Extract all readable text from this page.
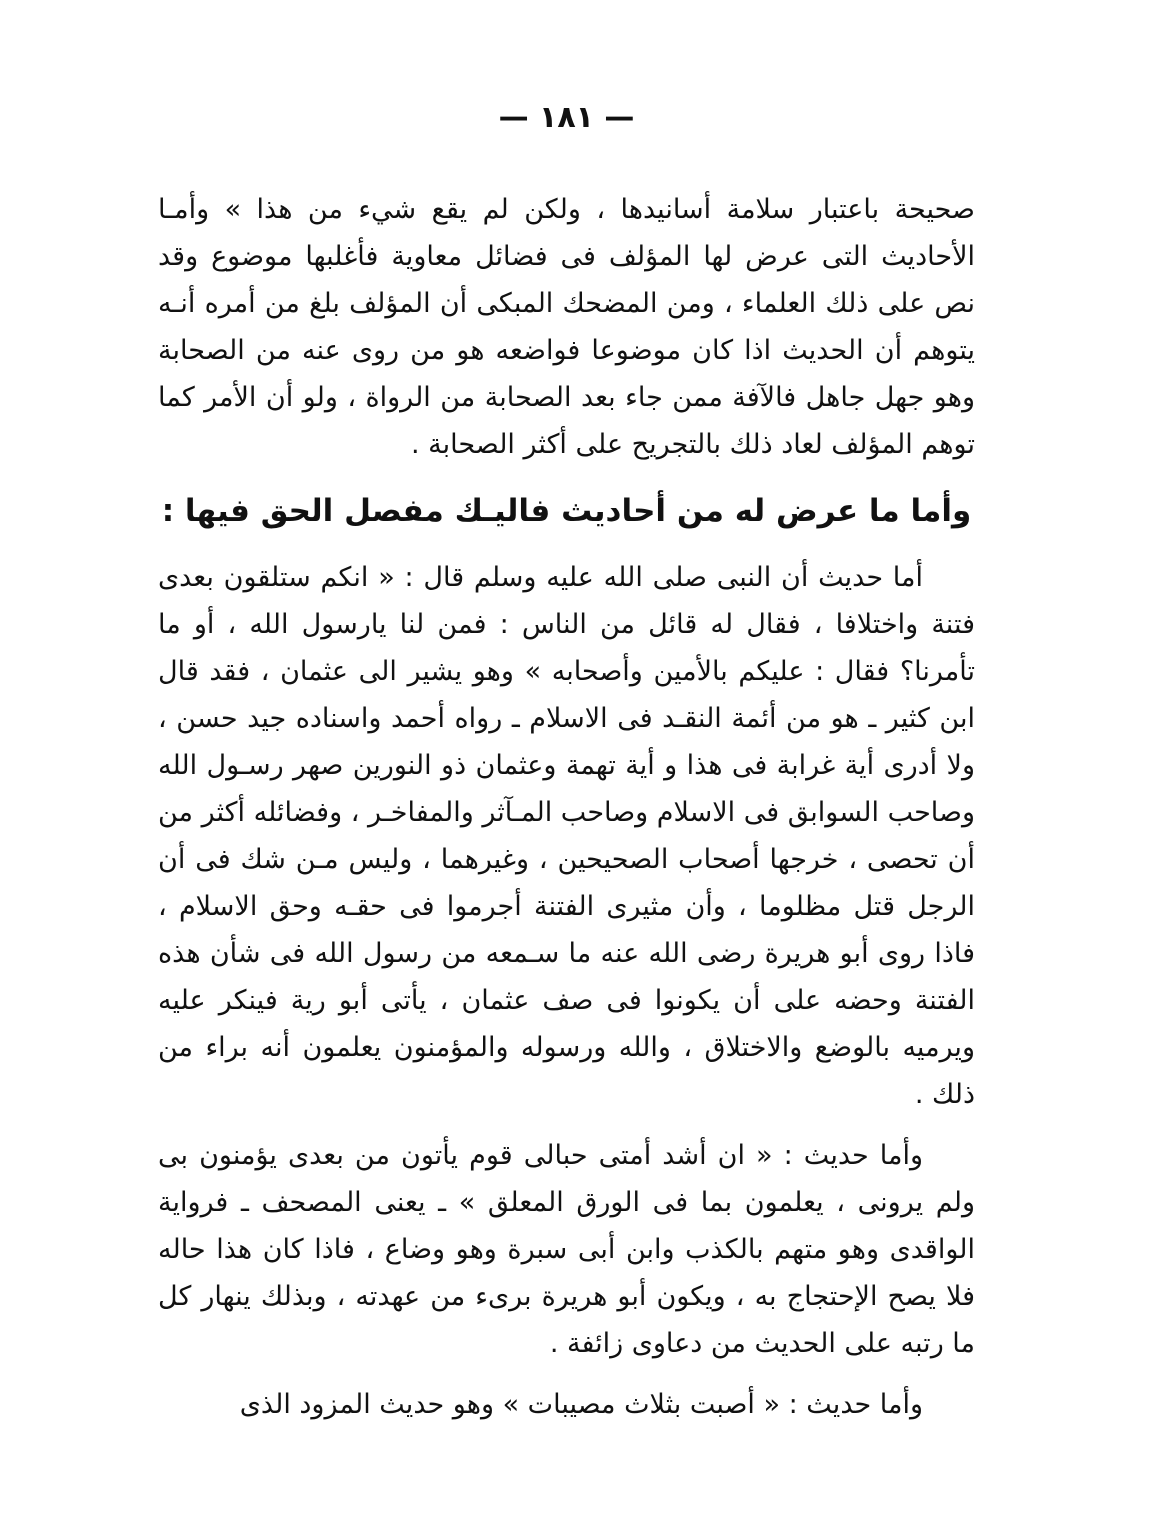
— ١٨١ —

صحيحة باعتبار سلامة أسانيدها ، ولكن لم يقع شيء من هذا » وأمـا الأحاديث التى عرض لها المؤلف فى فضائل معاوية فأغلبها موضوع وقد نص على ذلك العلماء ، ومن المضحك المبكى أن المؤلف بلغ من أمره أنـه يتوهم أن الحديث اذا كان موضوعا فواضعه هو من روى عنه من الصحابة وهو جهل جاهل فالآفة ممن جاء بعد الصحابة من الرواة ، ولو أن الأمر كما توهم المؤلف لعاد ذلك بالتجريح على أكثر الصحابة .

وأما ما عرض له من أحاديث فاليـك مفصل الحق فيها :

أما حديث أن النبى صلى الله عليه وسلم قال : « انكم ستلقون بعدى فتنة واختلافا ، فقال له قائل من الناس : فمن لنا يارسول الله ، أو ما تأمرنا؟ فقال : عليكم بالأمين وأصحابه » وهو يشير الى عثمان ، فقد قال ابن كثير ـ هو من أئمة النقـد فى الاسلام ـ رواه أحمد واسناده جيد حسن ، ولا أدرى أية غرابة فى هذا و أية تهمة وعثمان ذو النورين صهر رسـول الله وصاحب السوابق فى الاسلام وصاحب المـآثر والمفاخـر ، وفضائله أكثر من أن تحصى ، خرجها أصحاب الصحيحين ، وغيرهما ، وليس مـن شك فى أن الرجل قتل مظلوما ، وأن مثيرى الفتنة أجرموا فى حقـه وحق الاسلام ، فاذا روى أبو هريرة رضى الله عنه ما سـمعه من رسول الله فى شأن هذه الفتنة وحضه على أن يكونوا فى صف عثمان ، يأتى أبو رية فينكر عليه ويرميه بالوضع والاختلاق ، والله ورسوله والمؤمنون يعلمون أنه براء من ذلك .

وأما حديث : « ان أشد أمتى حبالى قوم يأتون من بعدى يؤمنون بى ولم يرونى ، يعلمون بما فى الورق المعلق » ـ يعنى المصحف ـ فرواية الواقدى وهو متهم بالكذب وابن أبى سبرة وهو وضاع ، فاذا كان هذا حاله فلا يصح الإحتجاج به ، ويكون أبو هريرة برىء من عهدته ، وبذلك ينهار كل ما رتبه على الحديث من دعاوى زائفة .

وأما حديث : « أصبت بثلاث مصيبات » وهو حديث المزود الذى
